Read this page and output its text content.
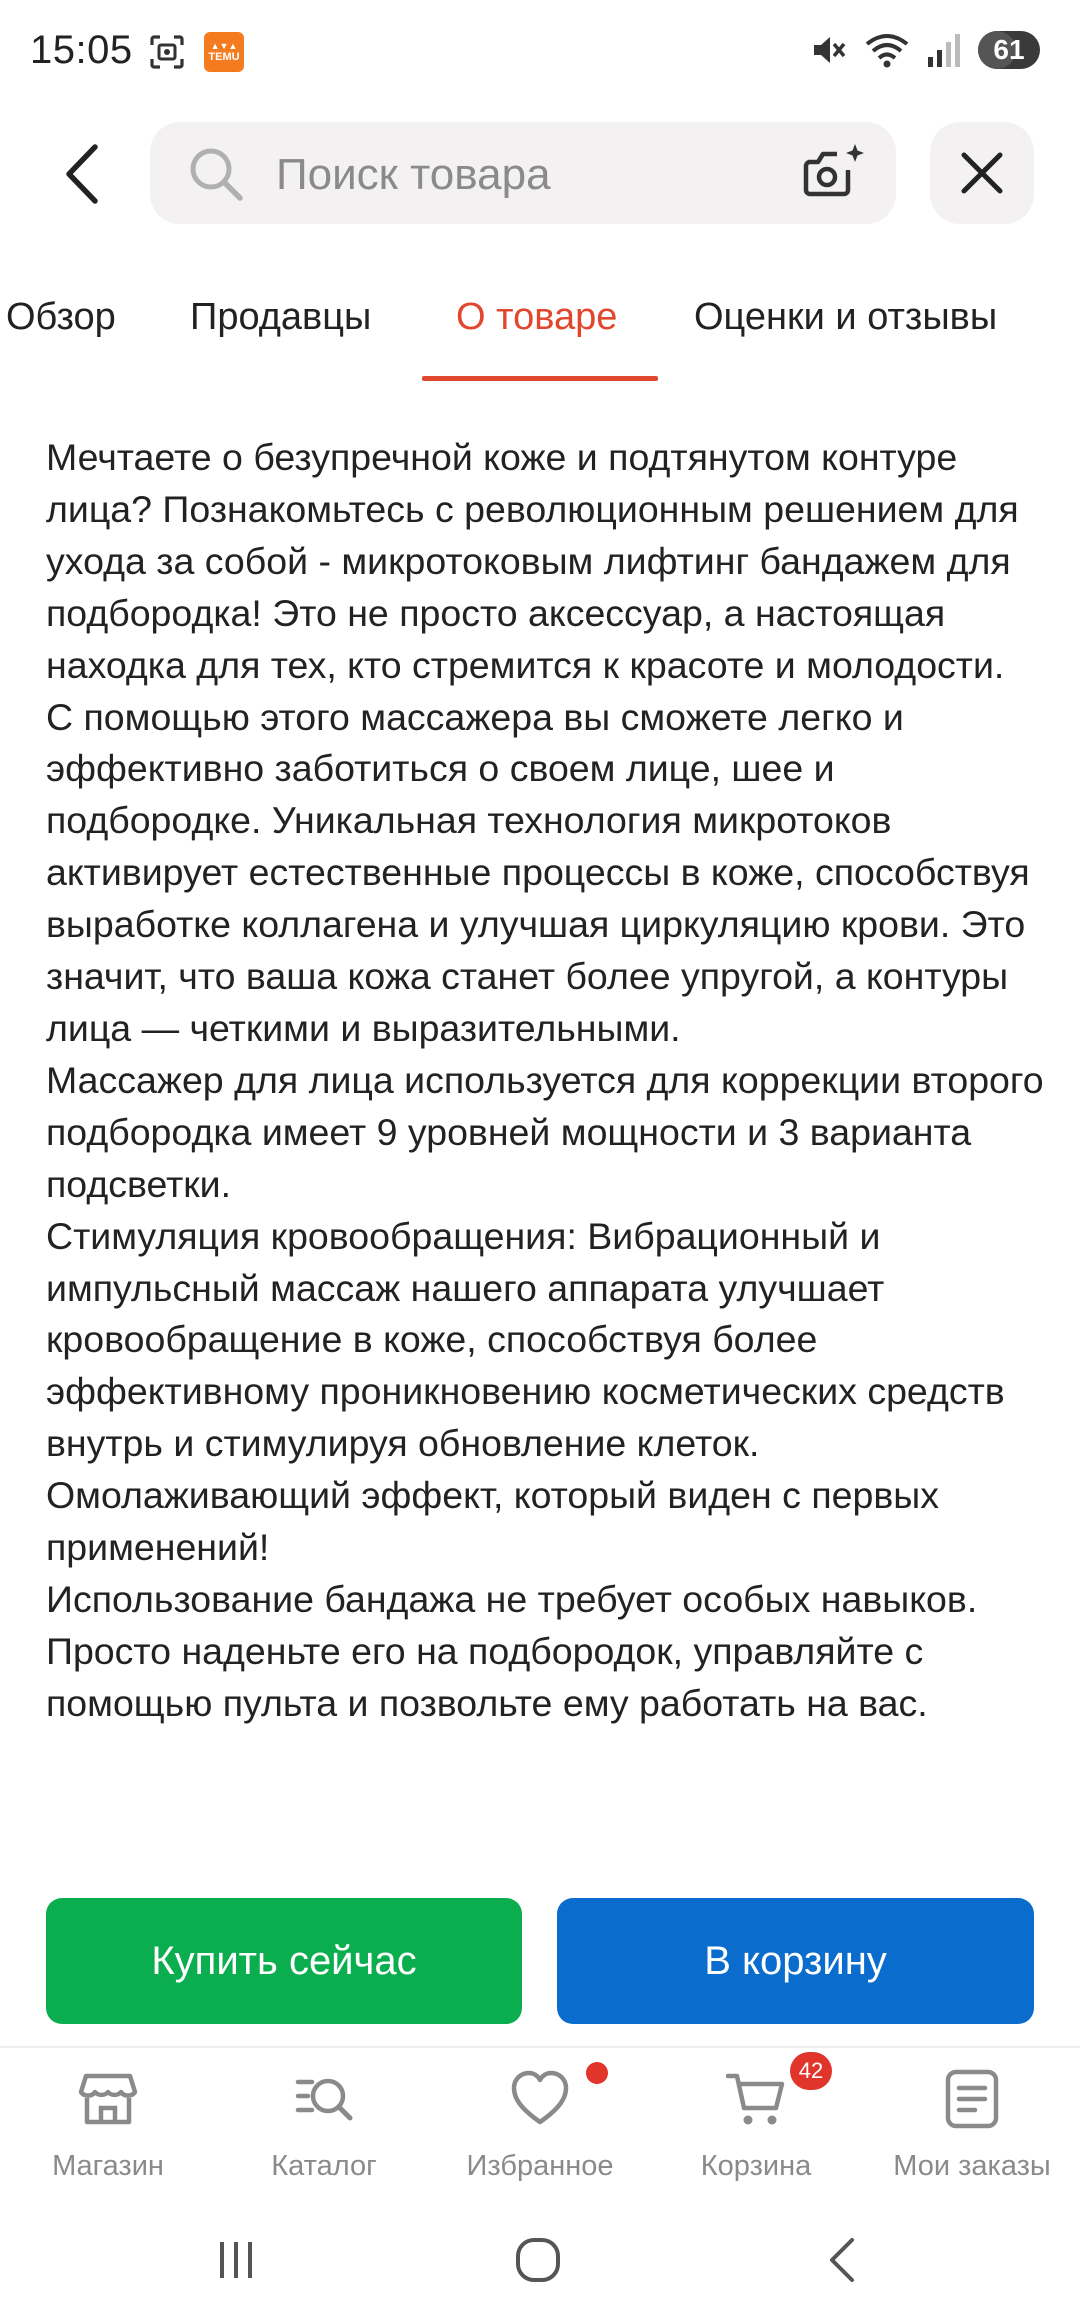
15:05	▲▼▲
TEMU	61
Поиск товара
Обзор Продавцы О товаре Оценки и отзывы

Мечтаете о безупречной коже и подтянутом контуре лица? Познакомьтесь с революционным решением для ухода за собой - микротоковым лифтинг бандажем для подбородка! Это не просто аксессуар, а настоящая находка для тех, кто стремится к красоте и молодости.

С помощью этого массажера вы сможете легко и эффективно заботиться о своем лице, шее и подбородке. Уникальная технология микротоков активирует естественные процессы в коже, способствуя выработке коллагена и улучшая циркуляцию крови. Это значит, что ваша кожа станет более упругой, а контуры лица — четкими и выразительными.

Массажер для лица используется для коррекции второго подбородка имеет 9 уровней мощности и 3 варианта подсветки.

Стимуляция кровообращения: Вибрационный и импульсный массаж нашего аппарата улучшает кровообращение в коже, способствуя более эффективному проникновению косметических средств внутрь и стимулируя обновление клеток. Омолаживающий эффект, который виден с первых применений!

Использование бандажа не требует особых навыков.

Просто наденьте его на подбородок, управляйте с помощью пульта и позвольте ему работать на вас.

Купить сейчас	В корзину
Магазин	Каталог	Избранное
42
Корзина	Мои заказы
